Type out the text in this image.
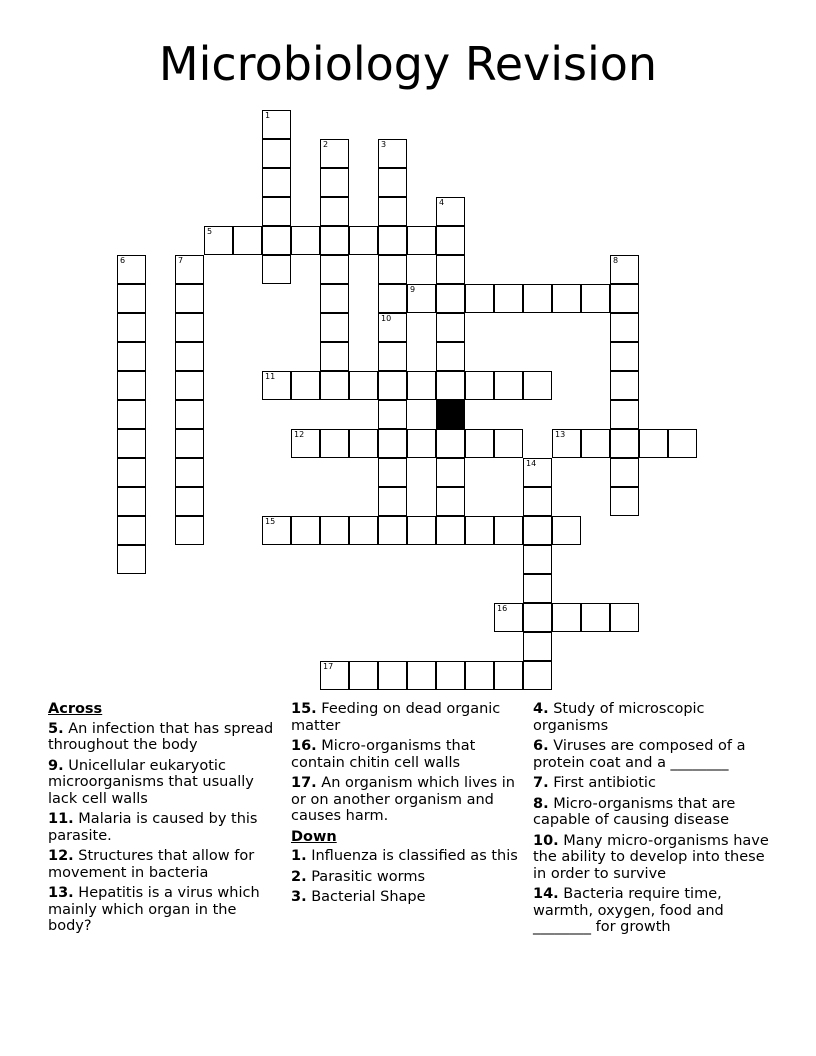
Microbiology Revision
5
9
11
12	13
15
16
17
1
2	3
10
4
6	7	8
14
Across
5. An infection that has spread throughout the body
9. Unicellular eukaryotic microorganisms that usually lack cell walls
11. Malaria is caused by this parasite.
12. Structures that allow for movement in bacteria
13. Hepatitis is a virus which mainly which organ in the body?
15. Feeding on dead organic matter
16. Micro-organisms that contain chitin cell walls
17. An organism which lives in or on another organism and causes harm.
Down
1. Influenza is classified as this
2. Parasitic worms
3. Bacterial Shape
4. Study of microscopic organisms
6. Viruses are composed of a protein coat and a ________
7. First antibiotic
8. Micro-organisms that are capable of causing disease
10. Many micro-organisms have the ability to develop into these in order to survive
14. Bacteria require time, warmth, oxygen, food and ________ for growth
